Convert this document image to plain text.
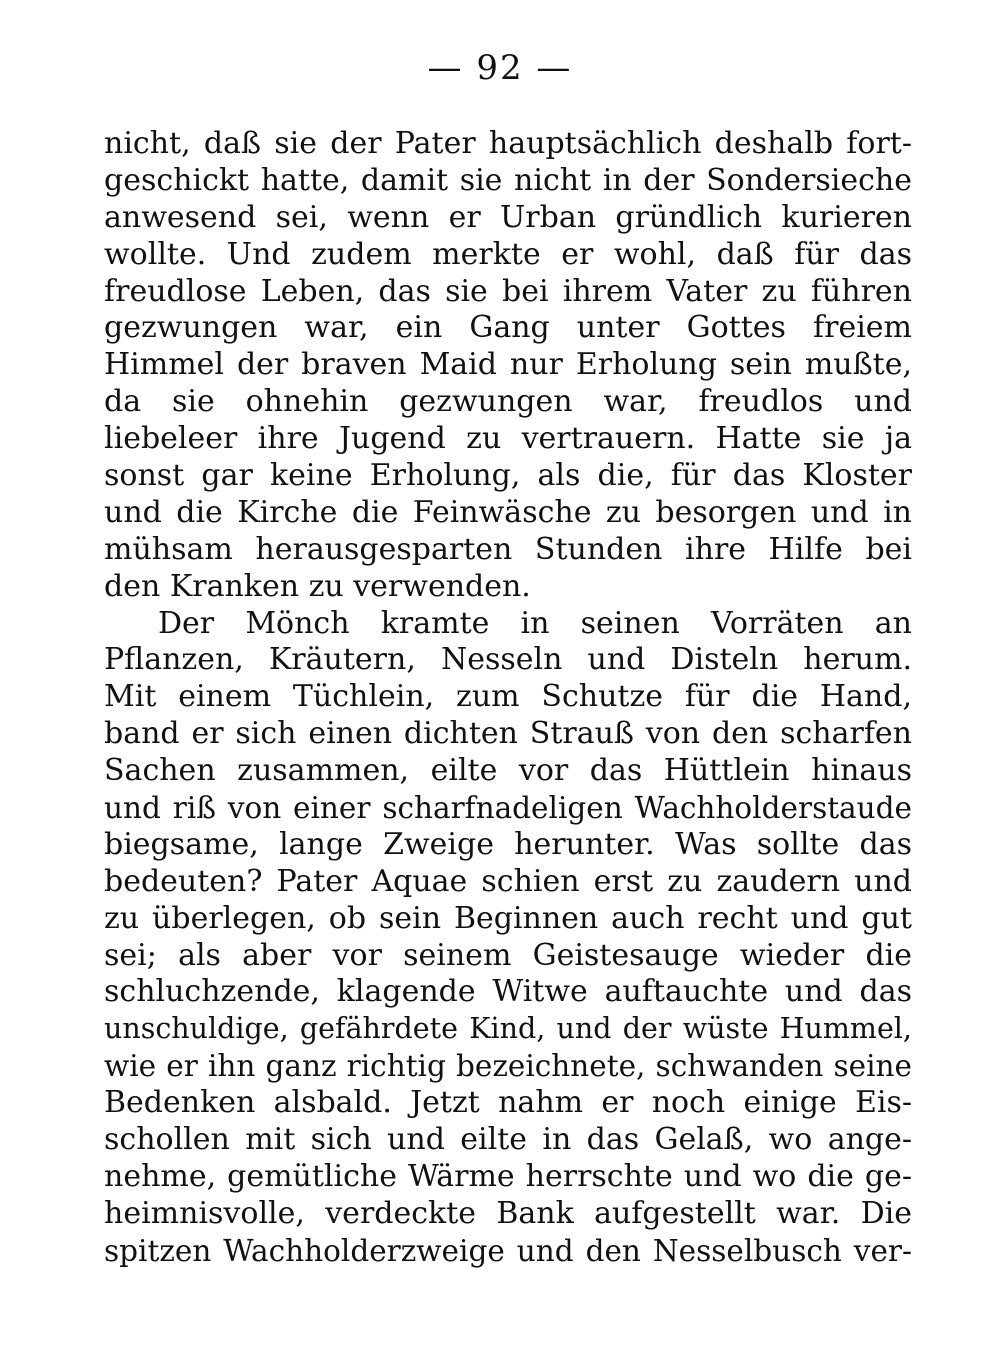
— 92 —
nicht, daß sie der Pater hauptsächlich deshalb fort-
geschickt hatte, damit sie nicht in der Sondersieche
anwesend sei, wenn er Urban gründlich kurieren
wollte. Und zudem merkte er wohl, daß für das
freudlose Leben, das sie bei ihrem Vater zu führen
gezwungen war, ein Gang unter Gottes freiem
Himmel der braven Maid nur Erholung sein mußte,
da sie ohnehin gezwungen war, freudlos und
liebeleer ihre Jugend zu vertrauern. Hatte sie ja
sonst gar keine Erholung, als die, für das Kloster
und die Kirche die Feinwäsche zu besorgen und in
mühsam herausgesparten Stunden ihre Hilfe bei
den Kranken zu verwenden.
Der Mönch kramte in seinen Vorräten an
Pflanzen, Kräutern, Nesseln und Disteln herum.
Mit einem Tüchlein, zum Schutze für die Hand,
band er sich einen dichten Strauß von den scharfen
Sachen zusammen, eilte vor das Hüttlein hinaus
und riß von einer scharfnadeligen Wachholderstaude
biegsame, lange Zweige herunter. Was sollte das
bedeuten? Pater Aquae schien erst zu zaudern und
zu überlegen, ob sein Beginnen auch recht und gut
sei; als aber vor seinem Geistesauge wieder die
schluchzende, klagende Witwe auftauchte und das
unschuldige, gefährdete Kind, und der wüste Hummel,
wie er ihn ganz richtig bezeichnete, schwanden seine
Bedenken alsbald. Jetzt nahm er noch einige Eis-
schollen mit sich und eilte in das Gelaß, wo ange-
nehme, gemütliche Wärme herrschte und wo die ge-
heimnisvolle, verdeckte Bank aufgestellt war. Die
spitzen Wachholderzweige und den Nesselbusch ver-
